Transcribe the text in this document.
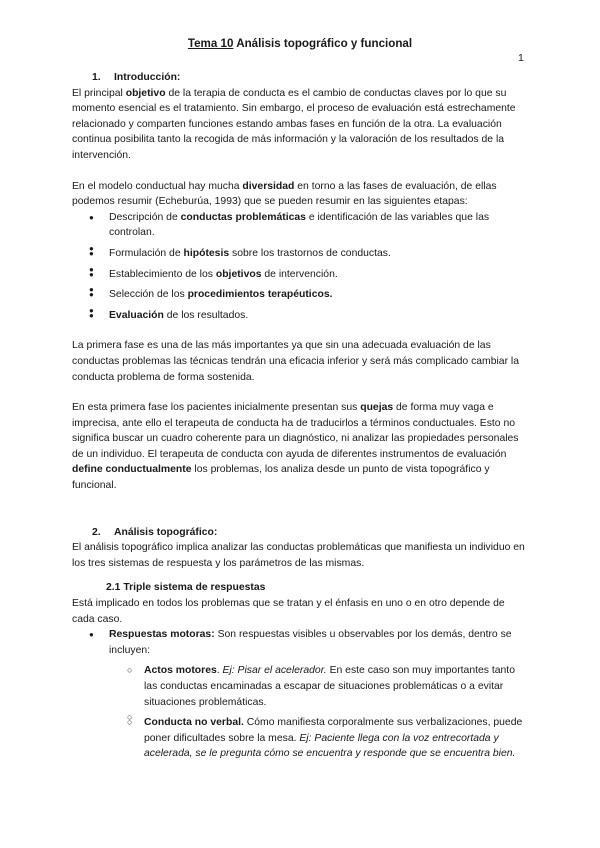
Tema 10 Análisis topográfico y funcional
1

1. Introducción:

El principal objetivo de la terapia de conducta es el cambio de conductas claves por lo que su momento esencial es el tratamiento. Sin embargo, el proceso de evaluación está estrechamente relacionado y comparten funciones estando ambas fases en función de la otra. La evaluación continua posibilita tanto la recogida de más información y la valoración de los resultados de la intervención.

En el modelo conductual hay mucha diversidad en torno a las fases de evaluación, de ellas podemos resumir (Echeburúa, 1993) que se pueden resumir en las siguientes etapas:

● Descripción de conductas problemáticas e identificación de las variables que las controlan.
●
● Formulación de hipótesis sobre los trastornos de conductas.
●
● Establecimiento de los objetivos de intervención.
●
● Selección de los procedimientos terapéuticos.
●
● Evaluación de los resultados.

La primera fase es una de las más importantes ya que sin una adecuada evaluación de las conductas problemas las técnicas tendrán una eficacia inferior y será más complicado cambiar la conducta problema de forma sostenida.

En esta primera fase los pacientes inicialmente presentan sus quejas de forma muy vaga e imprecisa, ante ello el terapeuta de conducta ha de traducirlos a términos conductuales. Esto no significa buscar un cuadro coherente para un diagnóstico, ni analizar las propiedades personales de un individuo. El terapeuta de conducta con ayuda de diferentes instrumentos de evaluación define conductualmente los problemas, los analiza desde un punto de vista topográfico y funcional.

2. Análisis topográfico:

El análisis topográfico implica analizar las conductas problemáticas que manifiesta un individuo en los tres sistemas de respuesta y los parámetros de las mismas.

2.1 Triple sistema de respuestas

Está implicado en todos los problemas que se tratan y el énfasis en uno o en otro depende de cada caso.

● Respuestas motoras: Son respuestas visibles u observables por los demás, dentro se incluyen:
○ Actos motores. Ej: Pisar el acelerador. En este caso son muy importantes tanto las conductas encaminadas a escapar de situaciones problemáticas o a evitar situaciones problemáticas.
○
○ Conducta no verbal. Cómo manifiesta corporalmente sus verbalizaciones, puede poner dificultades sobre la mesa. Ej: Paciente llega con la voz entrecortada y acelerada, se le pregunta cómo se encuentra y responde que se encuentra bien.
